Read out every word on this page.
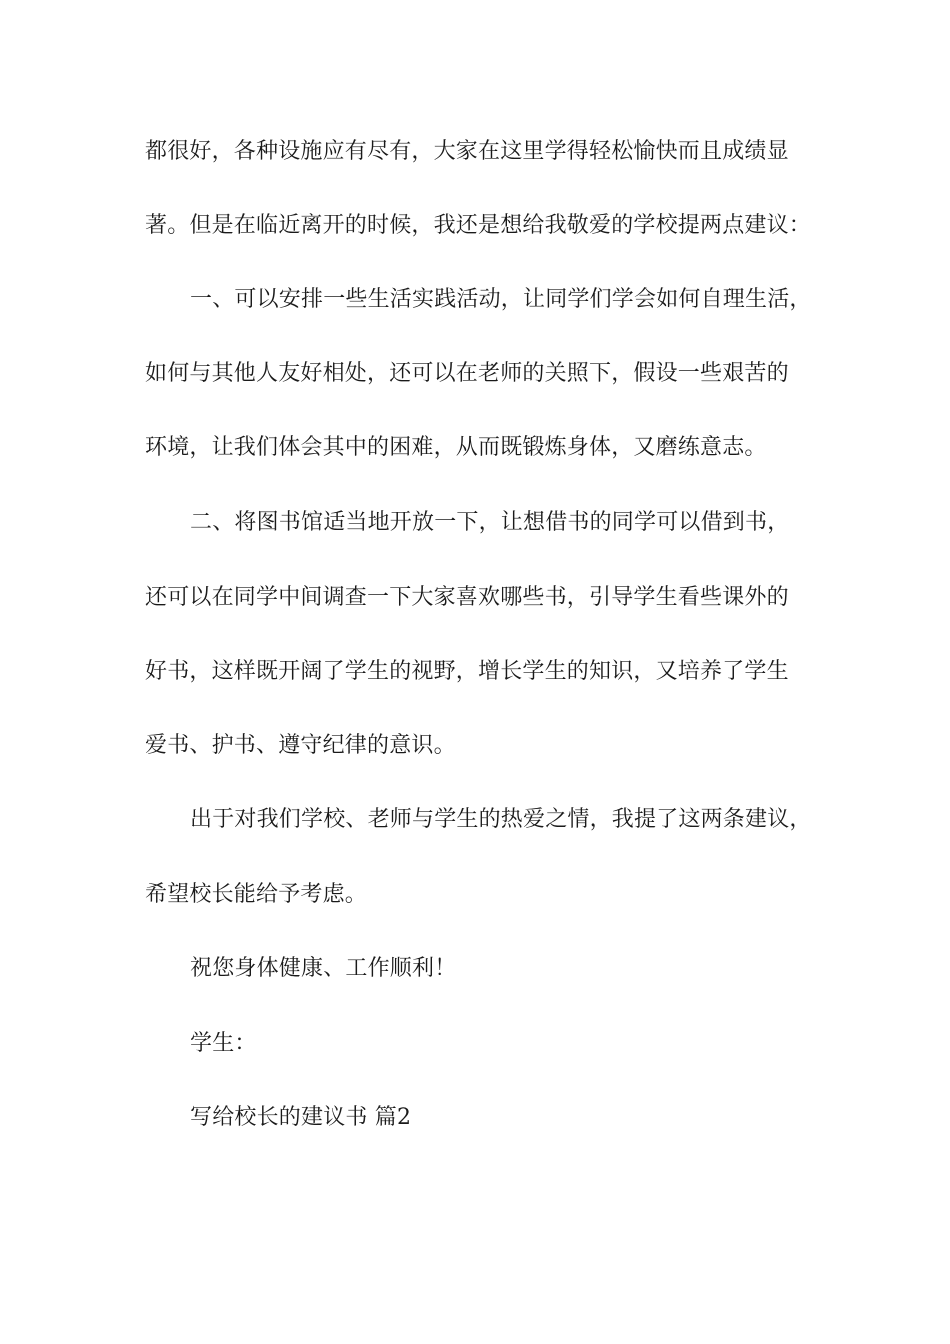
都很好，各种设施应有尽有，大家在这里学得轻松愉快而且成绩显
著。但是在临近离开的时候，我还是想给我敬爱的学校提两点建议：
一、可以安排一些生活实践活动，让同学们学会如何自理生活，
如何与其他人友好相处，还可以在老师的关照下，假设一些艰苦的
环境，让我们体会其中的困难，从而既锻炼身体，又磨练意志。
二、将图书馆适当地开放一下，让想借书的同学可以借到书，
还可以在同学中间调查一下大家喜欢哪些书，引导学生看些课外的
好书，这样既开阔了学生的视野，增长学生的知识，又培养了学生
爱书、护书、遵守纪律的意识。
出于对我们学校、老师与学生的热爱之情，我提了这两条建议，
希望校长能给予考虑。
祝您身体健康、工作顺利！
学生：
写给校长的建议书 篇2
